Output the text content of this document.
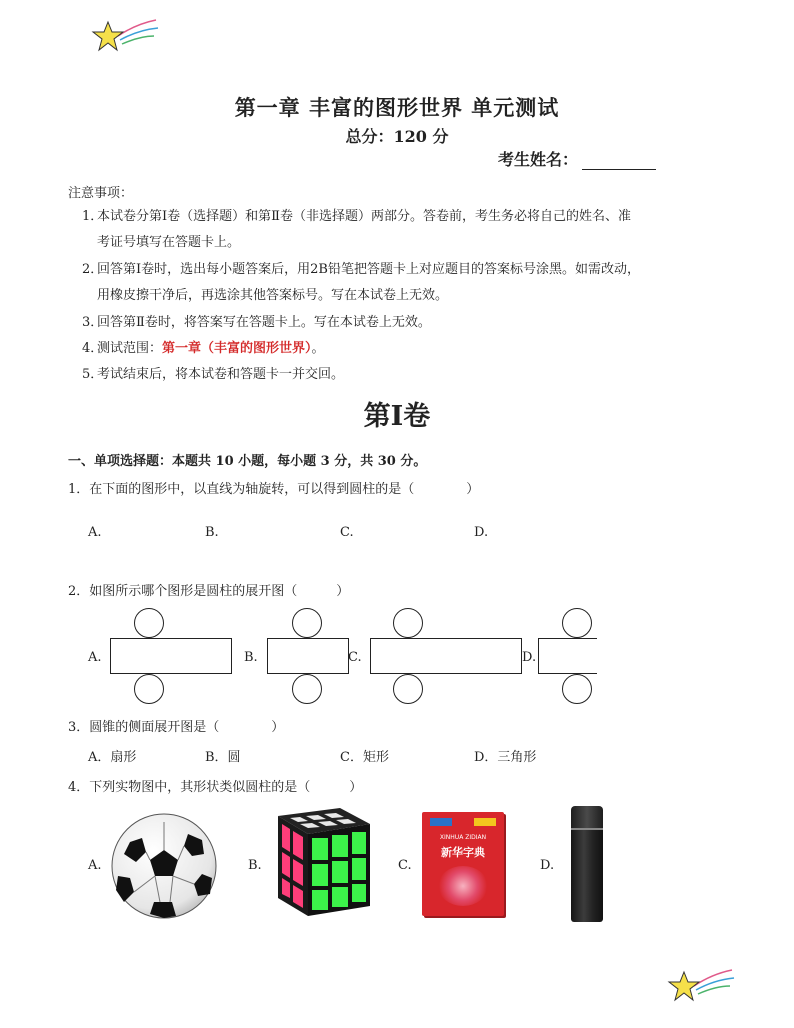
第一章 丰富的图形世界 单元测试
总分：120 分
考生姓名：
注意事项：
1．本试卷分第Ⅰ卷（选择题）和第Ⅱ卷（非选择题）两部分。答卷前，考生务必将自己的姓名、准
考证号填写在答题卡上。
2．回答第Ⅰ卷时，选出每小题答案后，用2B铅笔把答题卡上对应题目的答案标号涂黑。如需改动，
用橡皮擦干净后，再选涂其他答案标号。写在本试卷上无效。
3．回答第Ⅱ卷时，将答案写在答题卡上。写在本试卷上无效。
4．测试范围：第一章（丰富的图形世界）。
5．考试结束后，将本试卷和答题卡一并交回。
第Ⅰ卷
一、单项选择题：本题共 10 小题，每小题 3 分，共 30 分。
1．在下面的图形中，以直线为轴旋转，可以得到圆柱的是（　　　　）
A.	B.	C.	D.
2．如图所示哪个图形是圆柱的展开图（　　　）
A.	B.	C.	D.
3．圆锥的侧面展开图是（　　　　）
A．扇形	B．圆	C．矩形	D．三角形
4．下列实物图中，其形状类似圆柱的是（　　　）
A.	B.	C.
XINHUA ZIDIAN
新华字典
D.
